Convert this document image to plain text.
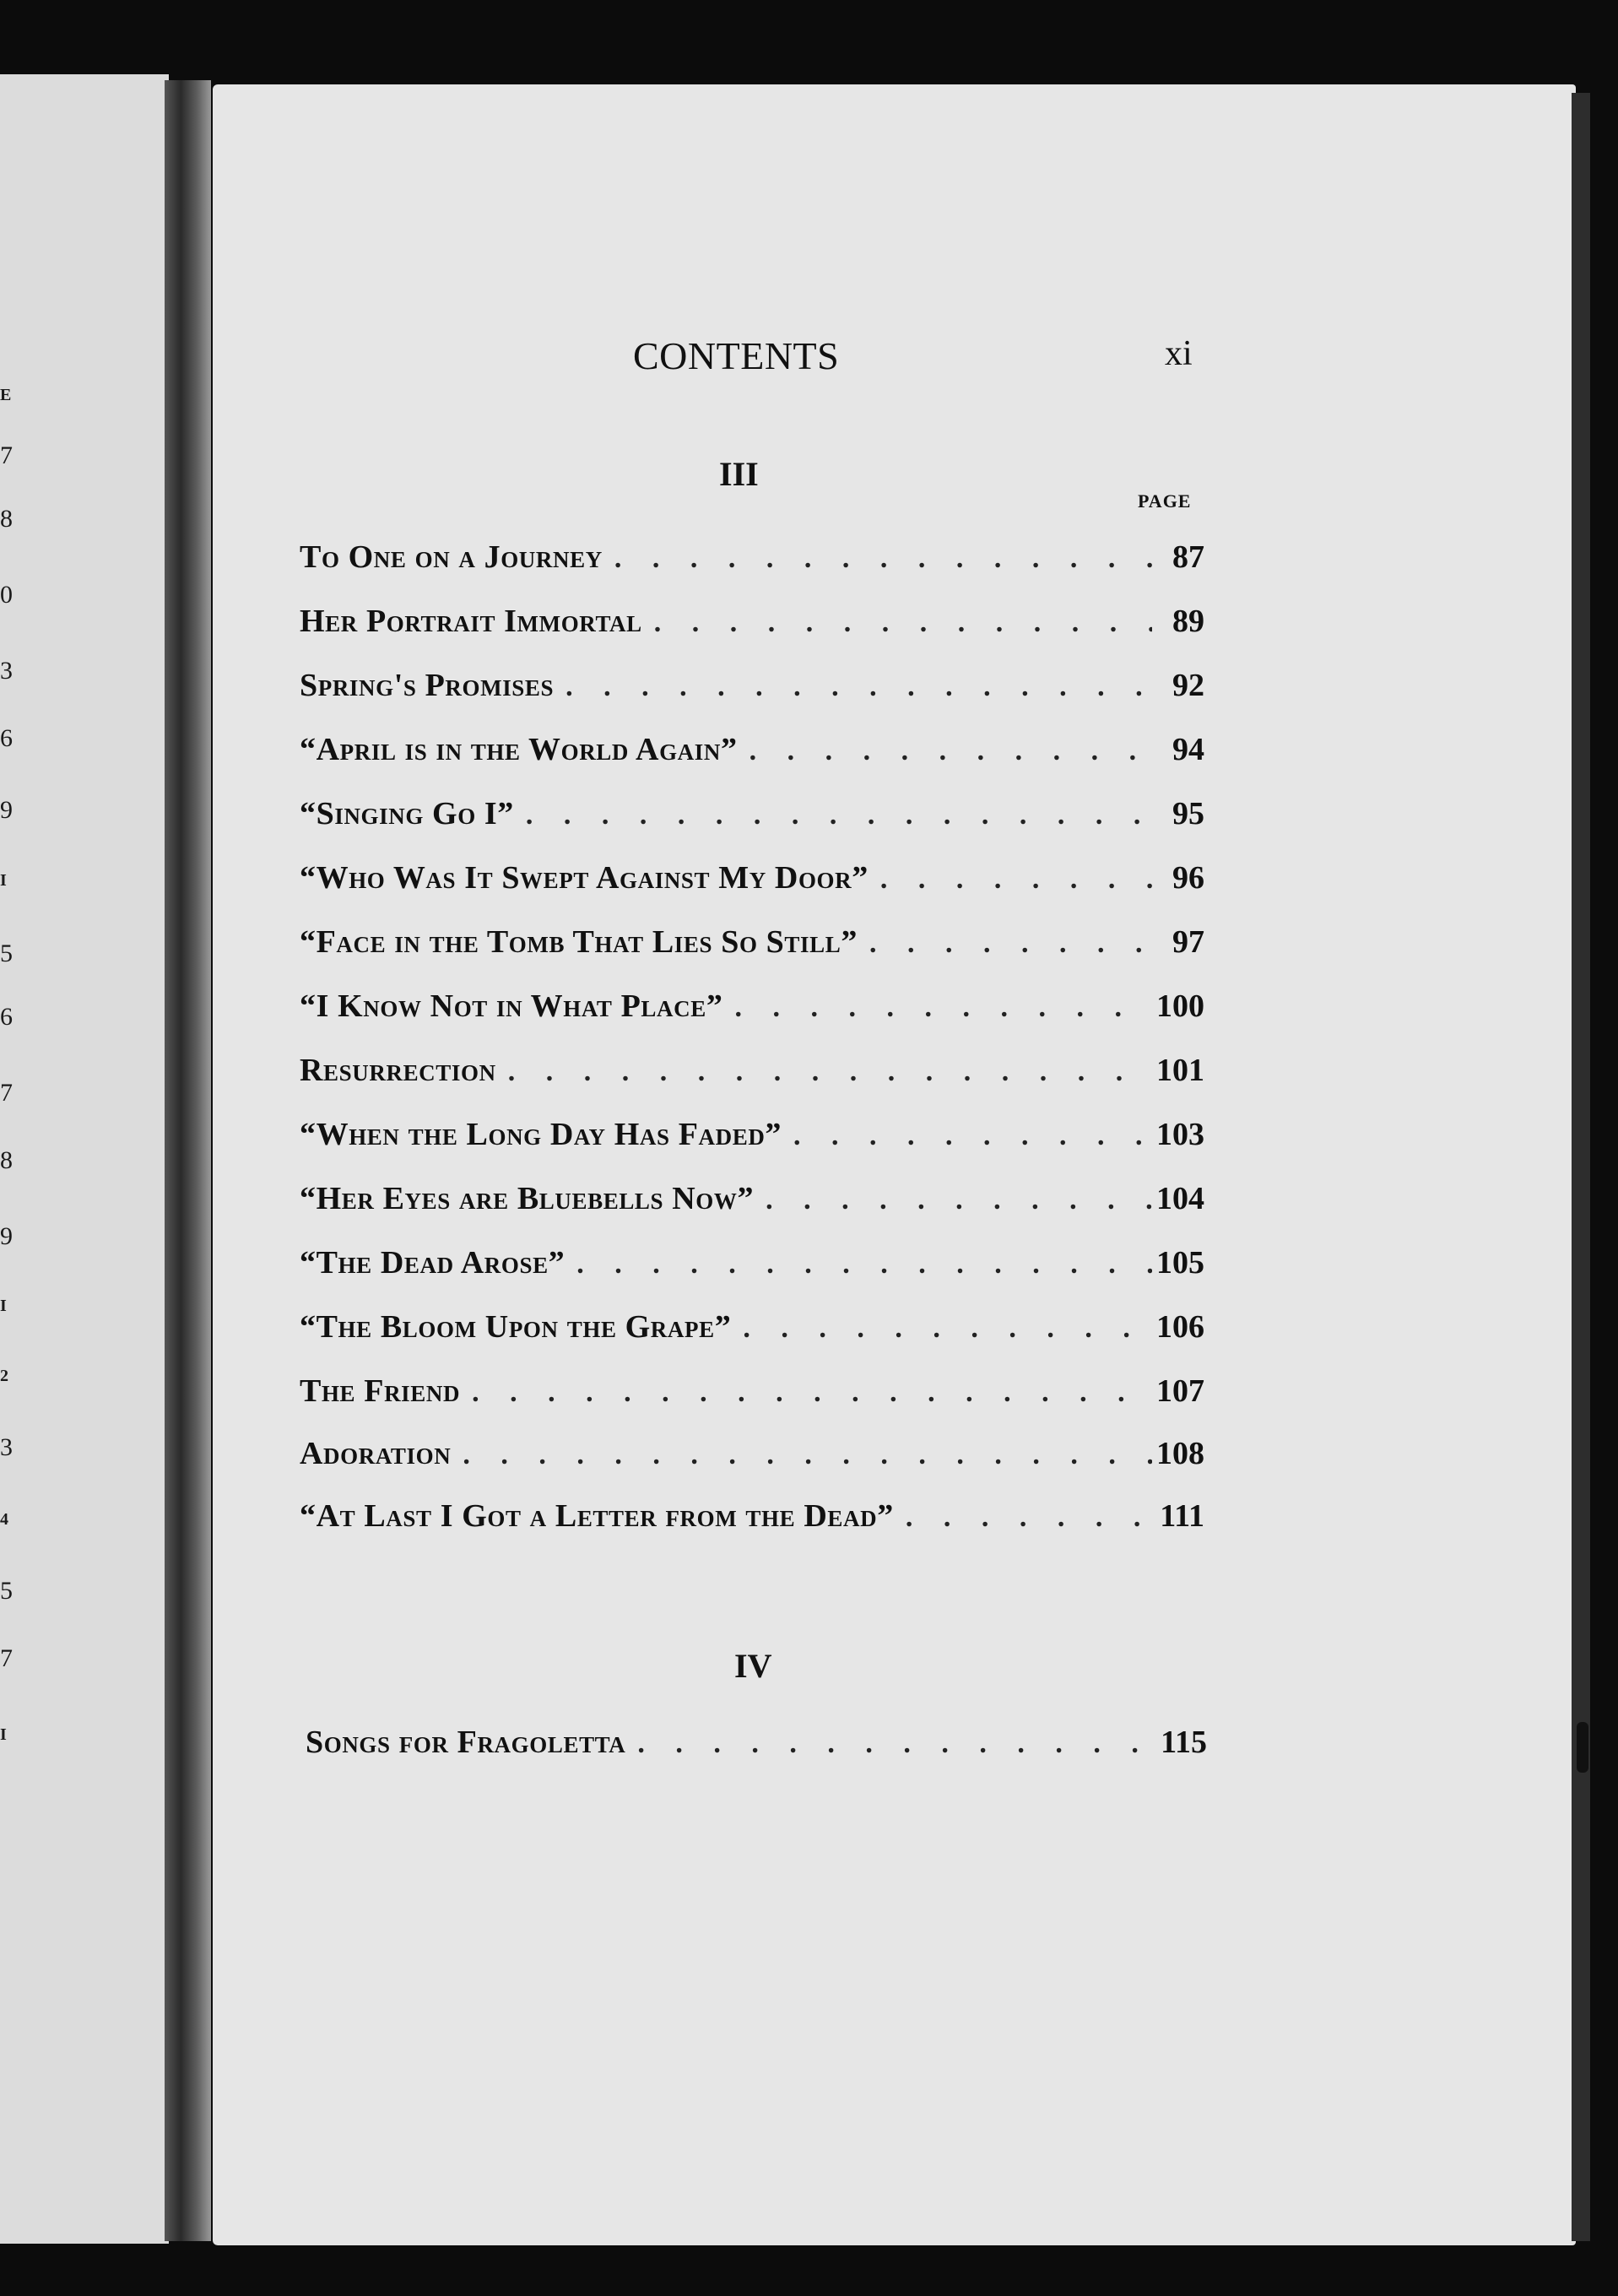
E
7
8
0
3
6
9
I
5
6
7
8
9
I
2
3
4
5
7
I
CONTENTS	xi
III
PAGE
To One on a Journey . . .	87
Her Portrait Immortal . . .	89
Spring's Promises . . .	92
“April is in the World Again” . . .	94
“Singing Go I” . . .	95
“Who Was It Swept Against My Door” . . .	96
“Face in the Tomb That Lies So Still” . . .	97
“I Know Not in What Place” . . .	100
Resurrection . . .	101
“When the Long Day Has Faded” . . .	103
“Her Eyes are Bluebells Now” . . .	104
“The Dead Arose” . . .	105
“The Bloom Upon the Grape” . . .	106
The Friend . . .	107
Adoration . . .	108
“At Last I Got a Letter from the Dead” . . .	111
IV
Songs for Fragoletta . . .	115
